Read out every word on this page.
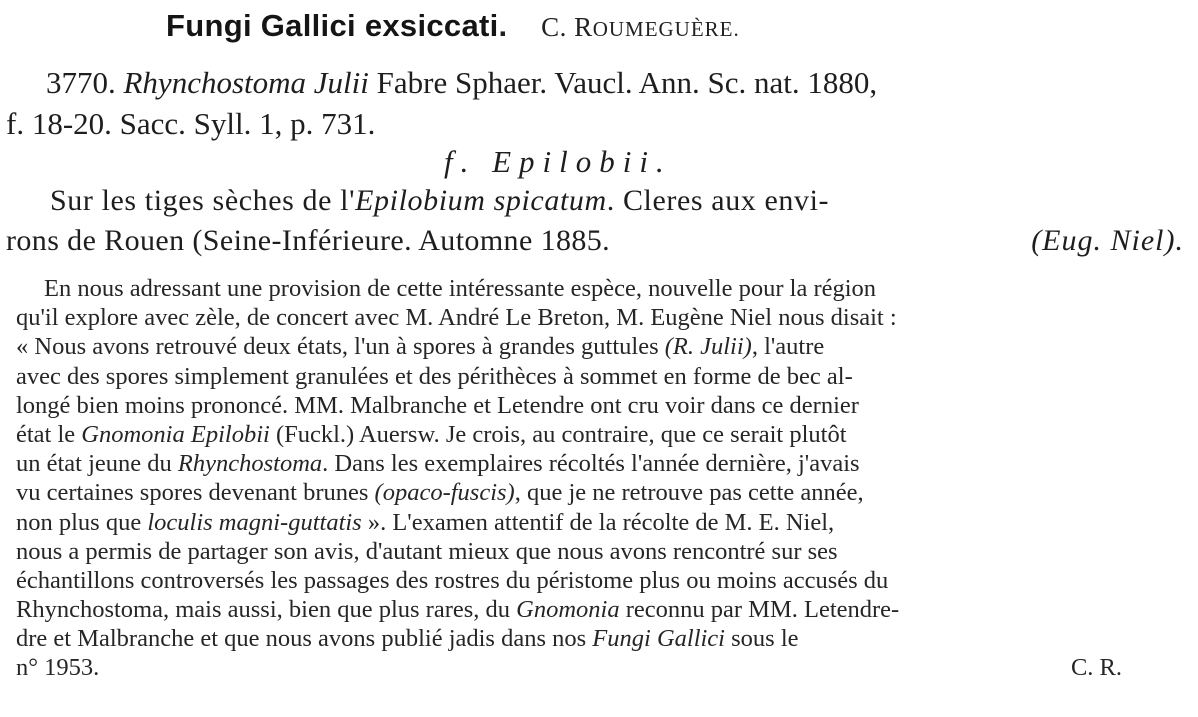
Fungi Gallici exsiccati. C. ROUMEGUÈRE.
3770. Rhynchostoma Julii Fabre Sphaer. Vaucl. Ann. Sc. nat. 1880,
f. 18-20. Sacc. Syll. 1, p. 731.
f. Epilobii.
Sur les tiges sèches de l'Epilobium spicatum. Cleres aux envi-
rons de Rouen (Seine-Inférieure. Automne 1885.	(Eug. Niel).
En nous adressant une provision de cette intéressante espèce, nouvelle pour la région
qu'il explore avec zèle, de concert avec M. André Le Breton, M. Eugène Niel nous disait :
« Nous avons retrouvé deux états, l'un à spores à grandes guttules (R. Julii), l'autre
avec des spores simplement granulées et des périthèces à sommet en forme de bec al-
longé bien moins prononcé. MM. Malbranche et Letendre ont cru voir dans ce dernier
état le Gnomonia Epilobii (Fuckl.) Auersw. Je crois, au contraire, que ce serait plutôt
un état jeune du Rhynchostoma. Dans les exemplaires récoltés l'année dernière, j'avais
vu certaines spores devenant brunes (opaco-fuscis), que je ne retrouve pas cette année,
non plus que loculis magni-guttatis ». L'examen attentif de la récolte de M. E. Niel,
nous a permis de partager son avis, d'autant mieux que nous avons rencontré sur ses
échantillons controversés les passages des rostres du péristome plus ou moins accusés du
Rhynchostoma, mais aussi, bien que plus rares, du Gnomonia reconnu par MM. Letendre-
dre et Malbranche et que nous avons publié jadis dans nos Fungi Gallici sous le
n° 1953.	C. R.
